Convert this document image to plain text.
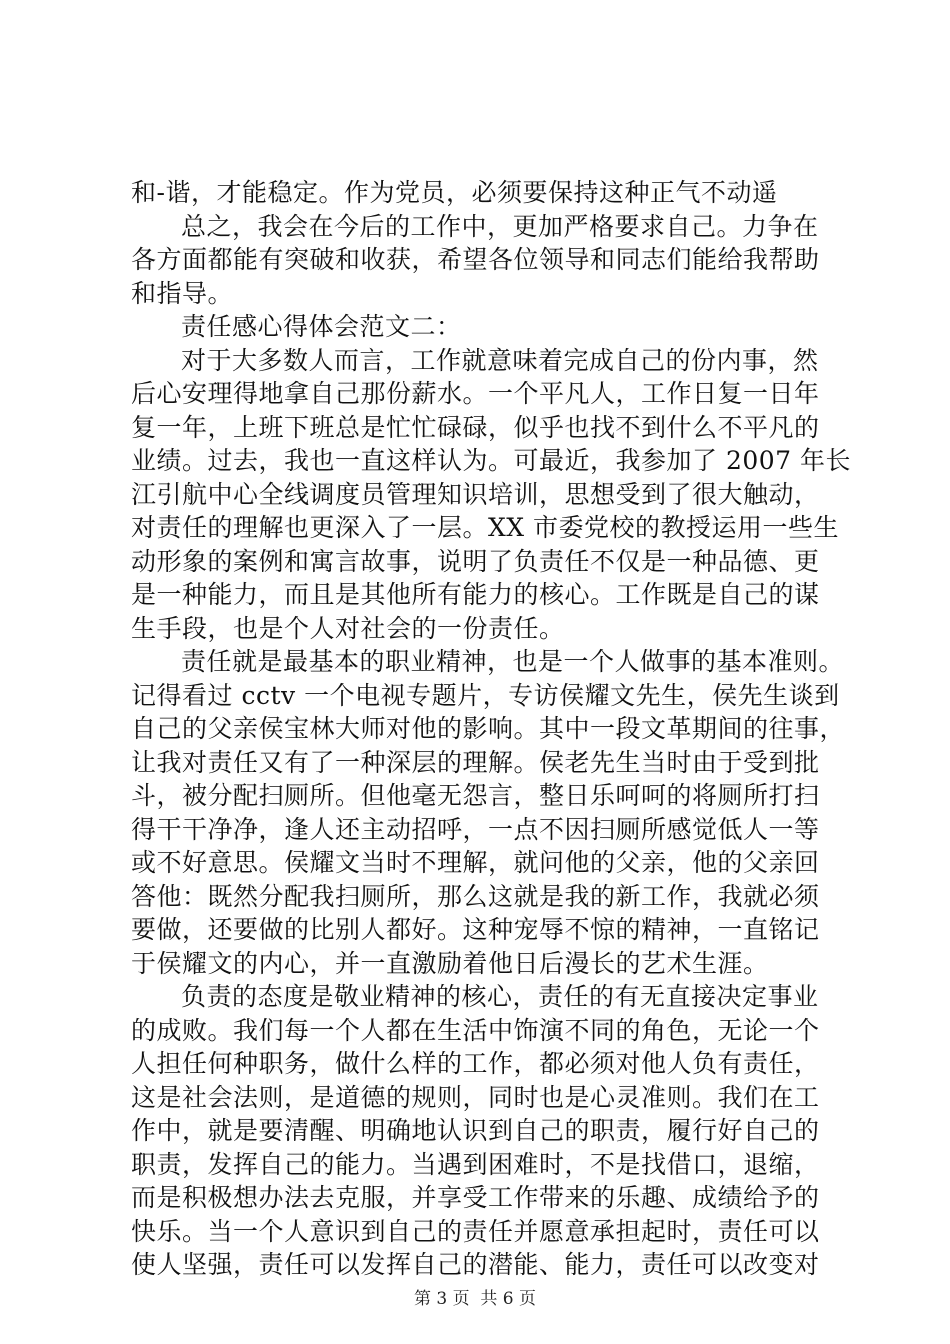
和-谐，才能稳定。作为党员，必须要保持这种正气不动遥
总之，我会在今后的工作中，更加严格要求自己。力争在
各方面都能有突破和收获，希望各位领导和同志们能给我帮助
和指导。
责任感心得体会范文二：
对于大多数人而言，工作就意味着完成自己的份内事，然
后心安理得地拿自己那份薪水。一个平凡人，工作日复一日年
复一年，上班下班总是忙忙碌碌，似乎也找不到什么不平凡的
业绩。过去，我也一直这样认为。可最近，我参加了 2007 年长
江引航中心全线调度员管理知识培训，思想受到了很大触动，
对责任的理解也更深入了一层。XX 市委党校的教授运用一些生
动形象的案例和寓言故事，说明了负责任不仅是一种品德、更
是一种能力，而且是其他所有能力的核心。工作既是自己的谋
生手段，也是个人对社会的一份责任。
责任就是最基本的职业精神，也是一个人做事的基本准则。
记得看过 cctv 一个电视专题片，专访侯耀文先生，侯先生谈到
自己的父亲侯宝林大师对他的影响。其中一段文革期间的往事，
让我对责任又有了一种深层的理解。侯老先生当时由于受到批
斗，被分配扫厕所。但他毫无怨言，整日乐呵呵的将厕所打扫
得干干净净，逢人还主动招呼，一点不因扫厕所感觉低人一等
或不好意思。侯耀文当时不理解，就问他的父亲，他的父亲回
答他：既然分配我扫厕所，那么这就是我的新工作，我就必须
要做，还要做的比别人都好。这种宠辱不惊的精神，一直铭记
于侯耀文的内心，并一直激励着他日后漫长的艺术生涯。
负责的态度是敬业精神的核心，责任的有无直接决定事业
的成败。我们每一个人都在生活中饰演不同的角色，无论一个
人担任何种职务，做什么样的工作，都必须对他人负有责任，
这是社会法则，是道德的规则，同时也是心灵准则。我们在工
作中，就是要清醒、明确地认识到自己的职责，履行好自己的
职责，发挥自己的能力。当遇到困难时，不是找借口，退缩，
而是积极想办法去克服，并享受工作带来的乐趣、成绩给予的
快乐。当一个人意识到自己的责任并愿意承担起时，责任可以
使人坚强，责任可以发挥自己的潜能、能力，责任可以改变对
第 3 页  共 6 页
